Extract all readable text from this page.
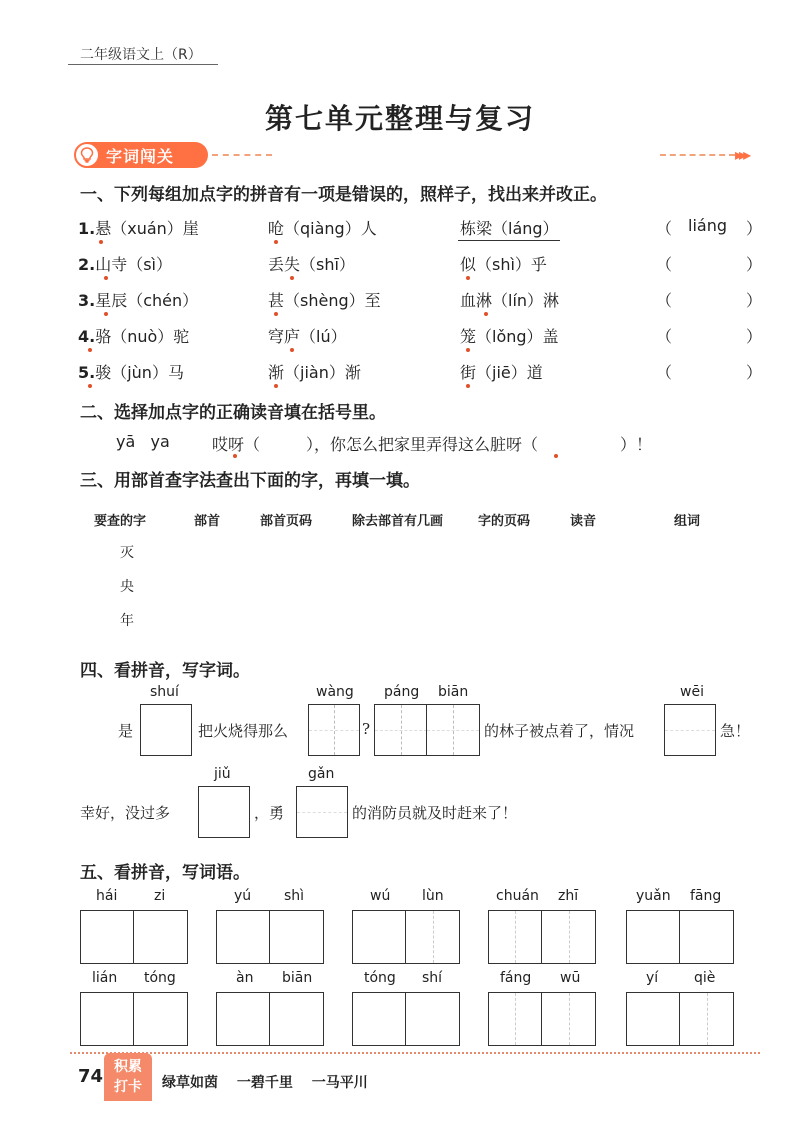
二年级语文上（R）
第七单元整理与复习
字词闯关	▸▸▸
一、下列每组加点字的拼音有一项是错误的，照样子，找出来并改正。
1.悬（xuán）崖	呛（qiàng）人	栋梁（láng）	（ liáng ）
2.山寺（sì）	丢失（shī）	似（shì）乎	（	）
3.星辰（chén）	甚（shèng）至	血淋（lín）淋	（	）
4.骆（nuò）驼	穹庐（lú）	笼（lǒng）盖	（	）
5.骏（jùn）马	渐（jiàn）渐	街（jiē）道	（	）
二、选择加点字的正确读音填在括号里。
yā   ya	哎呀（	），你怎么把家里弄得这么脏呀（	）！
三、用部首查字法查出下面的字，再填一填。
要查的字	部首	部首页码	除去部首有几画	字的页码	读音	组词
灭
央
年
四、看拼音，写字词。
是
shuí
把火烧得那么
wàng
?
páng biān
的林子被点着了，情况
wēi
急！
幸好，没过多
jiǔ
，勇
gǎn
的消防员就及时赶来了！
五、看拼音，写词语。
hái	zi	yú shì	wú lùn	chuán zhī	yuǎn fāng
lián tóng	àn biān	tóng shí	fáng wū	yí	qiè
74 积累
打卡	绿草如茵 一碧千里 一马平川
